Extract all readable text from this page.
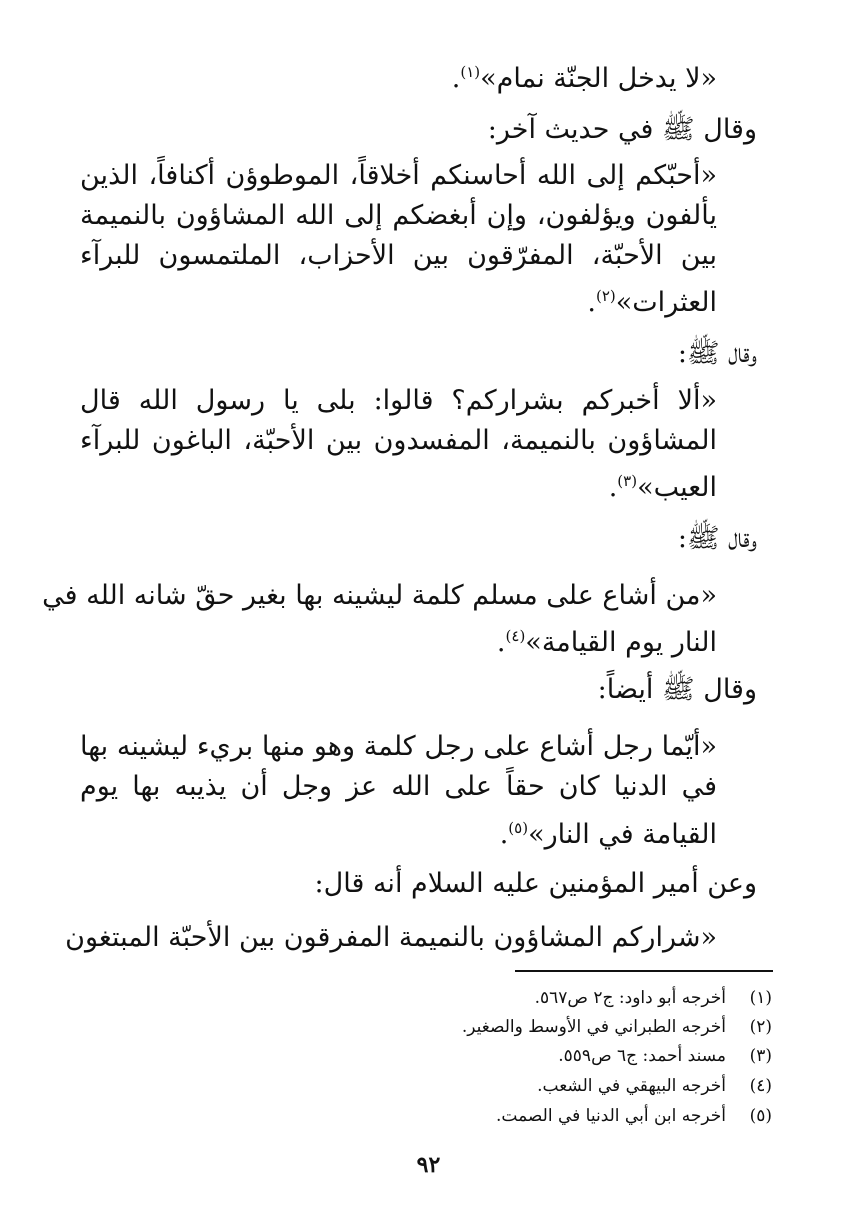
«لا يدخل الجنّة نمام»$^{(١)}$.
وقال ﷺ في حديث آخر:
«أحبّكم إلى الله أحاسنكم أخلاقاً، الموطوؤن أكنافاً، الذين
يألفون ويؤلفون، وإن أبغضكم إلى الله المشاؤون بالنميمة
بين الأحبّة، المفرّقون بين الأحزاب، الملتمسون للبرآء
العثرات»$^{(٢)}$.
وقال ﷺ:
«ألا أخبركم بشراركم؟ قالوا: بلى يا رسول الله قال
المشاؤون بالنميمة، المفسدون بين الأحبّة، الباغون للبرآء
العيب»$^{(٣)}$.
وقال ﷺ:
«من أشاع على مسلم كلمة ليشينه بها بغير حقّ شانه الله في
النار يوم القيامة»$^{(٤)}$.
وقال ﷺ أيضاً:
«أيّما رجل أشاع على رجل كلمة وهو منها بريء ليشينه بها
في الدنيا كان حقاً على الله عز وجل أن يذيبه بها يوم
القيامة في النار»$^{(٥)}$.
وعن أمير المؤمنين عليه السلام أنه قال:
«شراركم المشاؤون بالنميمة المفرقون بين الأحبّة المبتغون
(١)أخرجه أبو داود: ج٢ ص٥٦٧.
(٢)أخرجه الطبراني في الأوسط والصغير.
(٣)مسند أحمد: ج٦ ص٥٥٩.
(٤)أخرجه البيهقي في الشعب.
(٥)أخرجه ابن أبي الدنيا في الصمت.
٩٢
